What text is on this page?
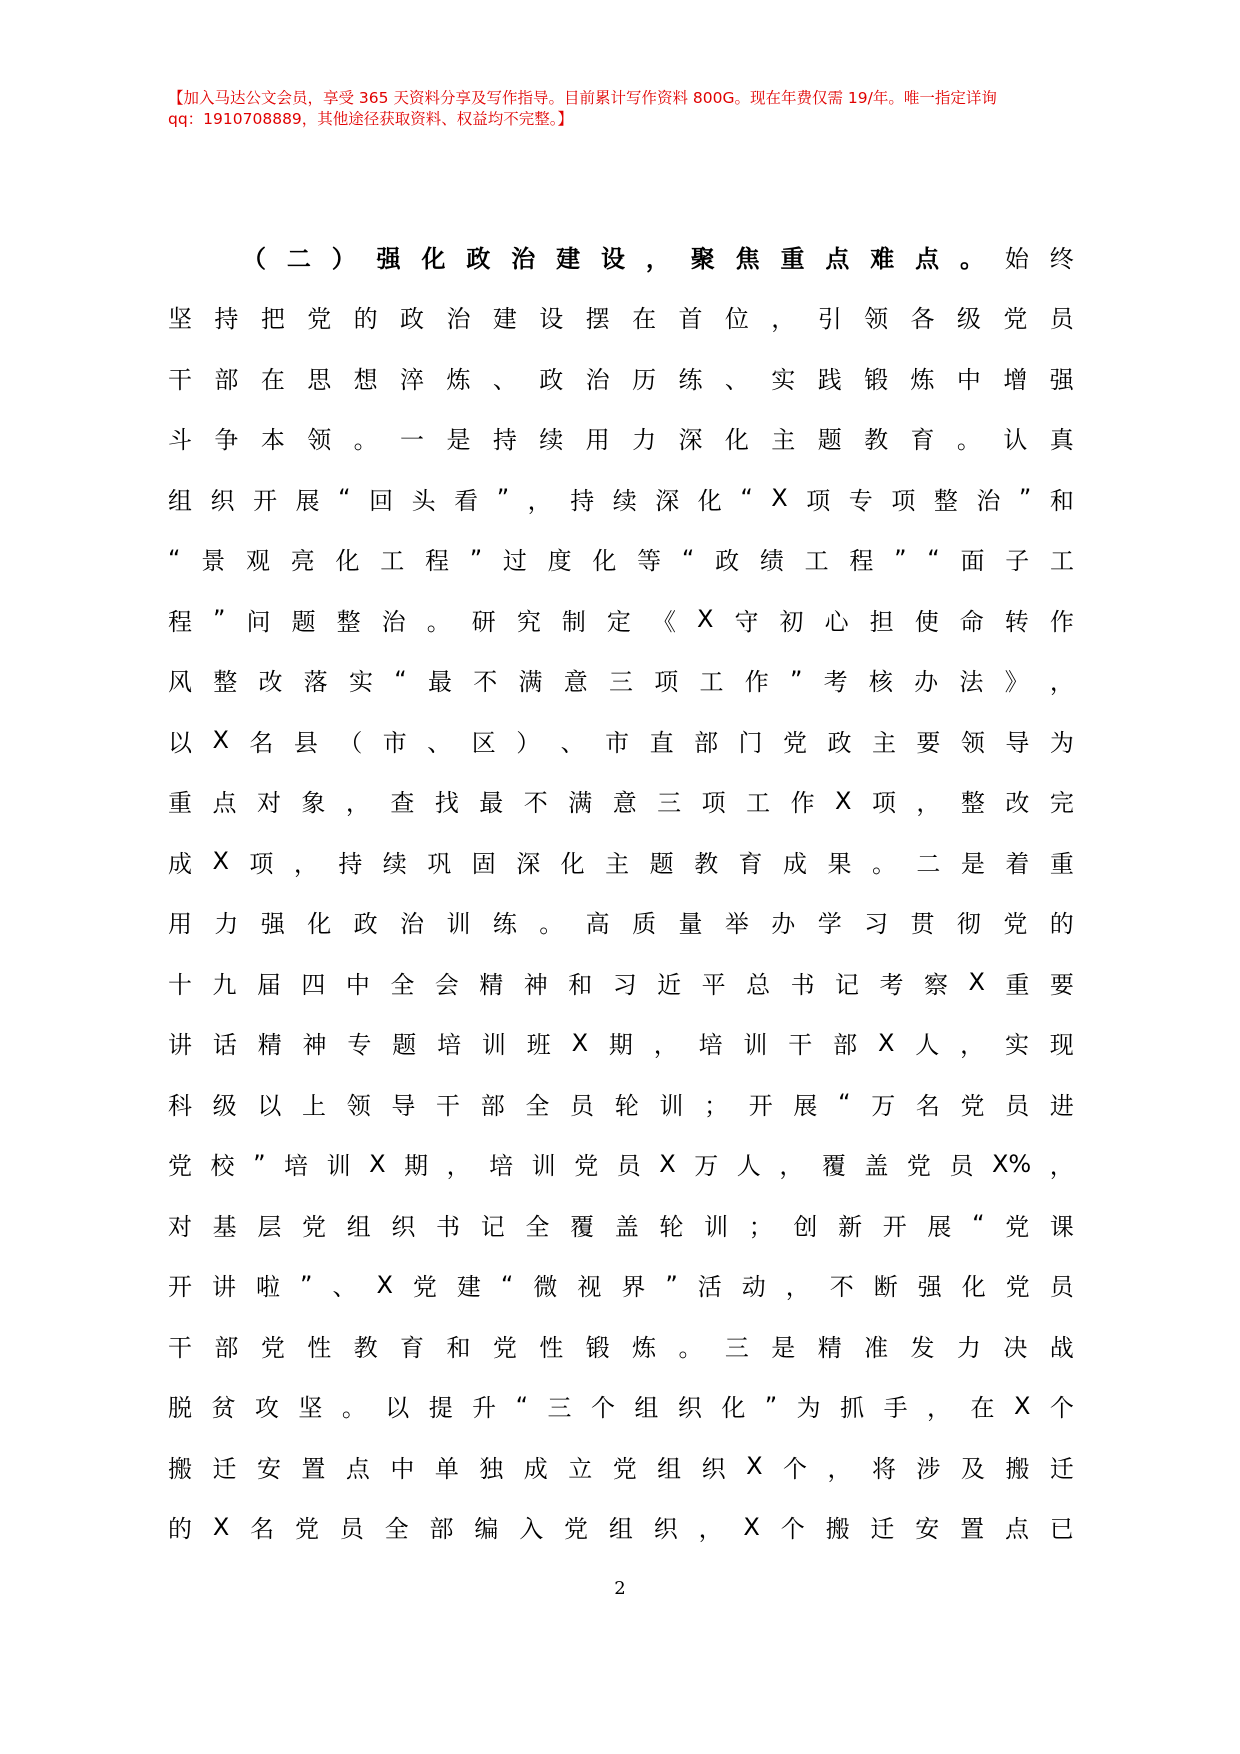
【加入马达公文会员，享受 365 天资料分享及写作指导。目前累计写作资料 800G。现在年费仅需 19/年。唯一指定详询
qq：1910708889，其他途径获取资料、权益均不完整。】
（ 二 ） 强 化 政 治 建 设 ， 聚 焦 重 点 难 点 。 始 终
坚 持 把 党 的 政 治 建 设 摆 在 首 位 ， 引 领 各 级 党 员
干 部 在 思 想 淬 炼 、 政 治 历 练 、 实 践 锻 炼 中 增 强
斗 争 本 领 。 一 是 持 续 用 力 深 化 主 题 教 育 。 认 真
组 织 开 展 “ 回 头 看 ” ， 持 续 深 化 “ X 项 专 项 整 治 ” 和
“ 景 观 亮 化 工 程 ” 过 度 化 等 “ 政 绩 工 程 ” “ 面 子 工
程 ” 问 题 整 治 。 研 究 制 定 《 X 守 初 心 担 使 命 转 作
风 整 改 落 实 “ 最 不 满 意 三 项 工 作 ” 考 核 办 法 》 ，
以 X 名 县 （ 市 、 区 ） 、 市 直 部 门 党 政 主 要 领 导 为
重 点 对 象 ， 查 找 最 不 满 意 三 项 工 作 X 项 ， 整 改 完
成 X 项 ， 持 续 巩 固 深 化 主 题 教 育 成 果 。 二 是 着 重
用 力 强 化 政 治 训 练 。 高 质 量 举 办 学 习 贯 彻 党 的
十 九 届 四 中 全 会 精 神 和 习 近 平 总 书 记 考 察 X 重 要
讲 话 精 神 专 题 培 训 班 X 期 ， 培 训 干 部 X 人 ， 实 现
科 级 以 上 领 导 干 部 全 员 轮 训 ； 开 展 “ 万 名 党 员 进
党 校 ” 培 训 X 期 ， 培 训 党 员 X 万 人 ， 覆 盖 党 员 X% ，
对 基 层 党 组 织 书 记 全 覆 盖 轮 训 ； 创 新 开 展 “ 党 课
开 讲 啦 ” 、 X 党 建 “ 微 视 界 ” 活 动 ， 不 断 强 化 党 员
干 部 党 性 教 育 和 党 性 锻 炼 。 三 是 精 准 发 力 决 战
脱 贫 攻 坚 。 以 提 升 “ 三 个 组 织 化 ” 为 抓 手 ， 在 X 个
搬 迁 安 置 点 中 单 独 成 立 党 组 织 X 个 ， 将 涉 及 搬 迁
的 X 名 党 员 全 部 编 入 党 组 织 ， X 个 搬 迁 安 置 点 已
2
